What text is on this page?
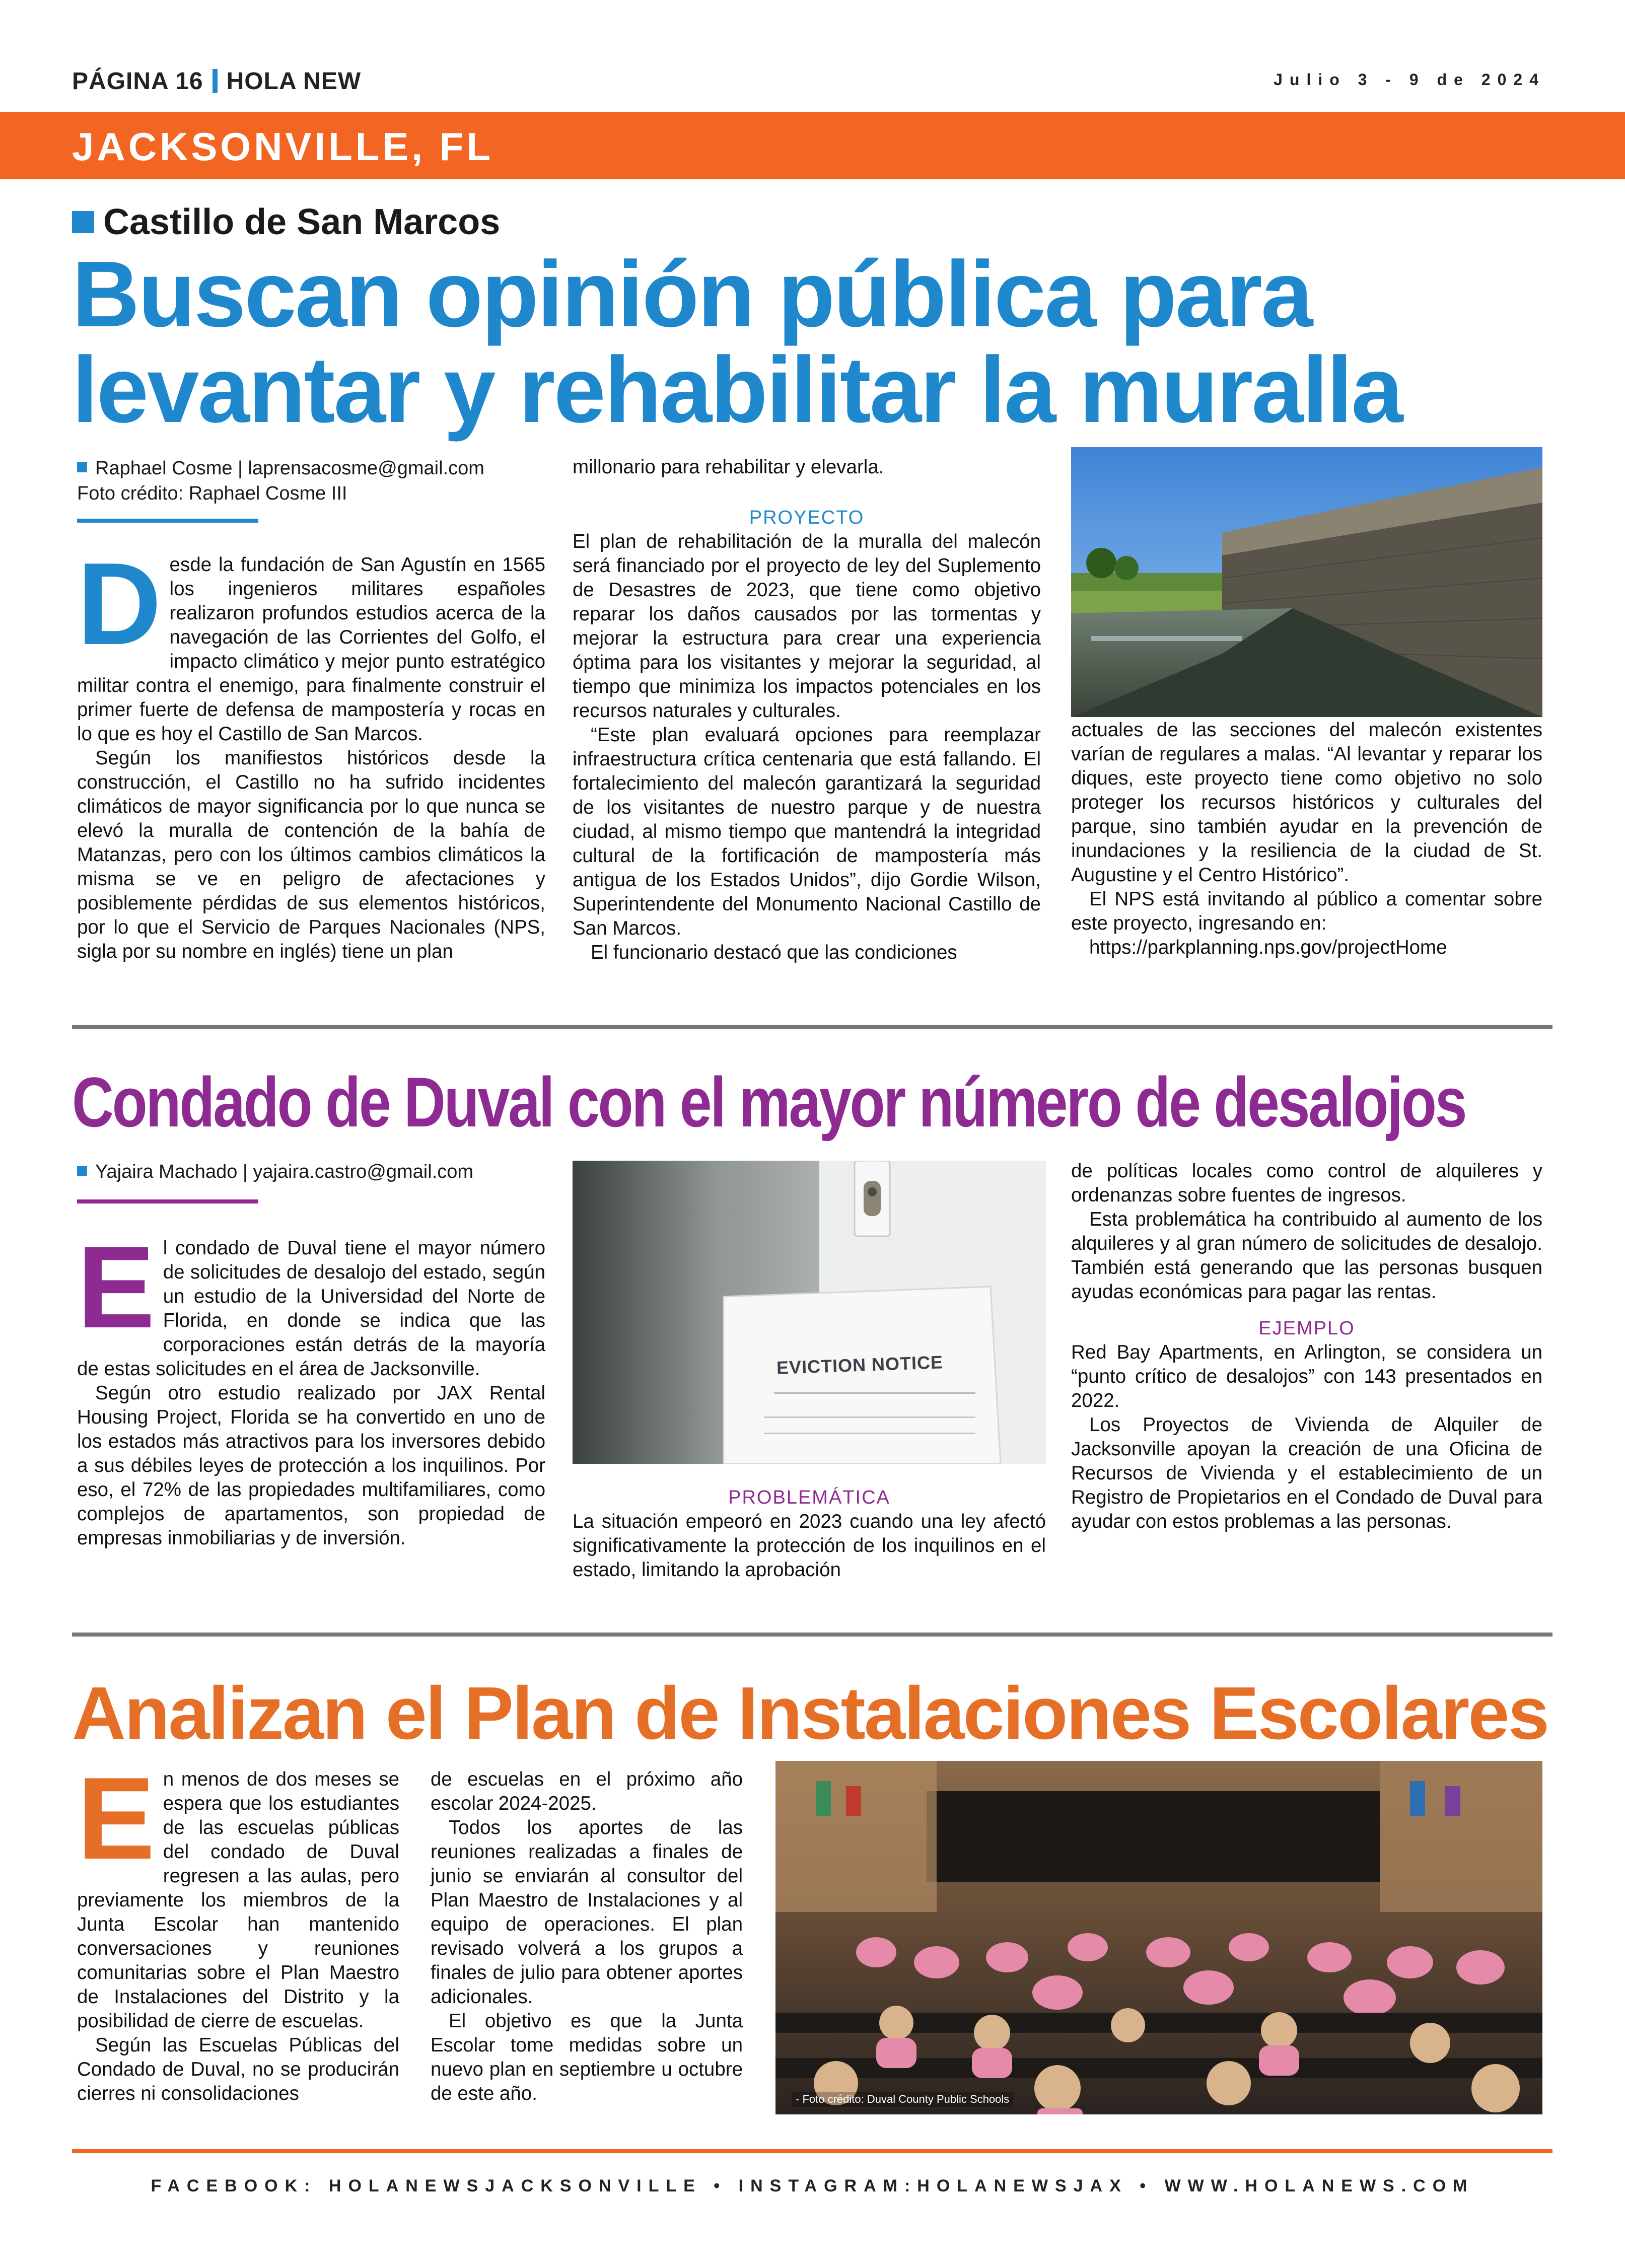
PÁGINA 16 HOLA NEW	Julio 3 - 9 de 2024
JACKSONVILLE, FL
Castillo de San Marcos
Buscan opinión pública para levantar y rehabilitar la muralla
Raphael Cosme | laprensacosme@gmail.com
Foto crédito: Raphael Cosme III

Desde la fundación de San Agustín en 1565 los ingenieros militares españoles realizaron profundos estudios acerca de la navegación de las Corrientes del Golfo, el impacto climático y mejor punto estratégico militar contra el enemigo, para finalmente construir el primer fuerte de defensa de mampostería y rocas en lo que es hoy el Castillo de San Marcos.

Según los manifiestos históricos desde la construcción, el Castillo no ha sufrido incidentes climáticos de mayor significancia por lo que nunca se elevó la muralla de contención de la bahía de Matanzas, pero con los últimos cambios climáticos la misma se ve en peligro de afectaciones y posiblemente pérdidas de sus elementos históricos, por lo que el Servicio de Parques Nacionales (NPS, sigla por su nombre en inglés) tiene un plan

millonario para rehabilitar y elevarla.

PROYECTO

El plan de rehabilitación de la muralla del malecón será financiado por el proyecto de ley del Suplemento de Desastres de 2023, que tiene como objetivo reparar los daños causados por las tormentas y mejorar la estructura para crear una experiencia óptima para los visitantes y mejorar la seguridad, al tiempo que minimiza los impactos potenciales en los recursos naturales y culturales.

“Este plan evaluará opciones para reemplazar infraestructura crítica centenaria que está fallando. El fortalecimiento del malecón garantizará la seguridad de los visitantes de nuestro parque y de nuestra ciudad, al mismo tiempo que mantendrá la integridad cultural de la fortificación de mampostería más antigua de los Estados Unidos”, dijo Gordie Wilson, Superintendente del Monumento Nacional Castillo de San Marcos.

El funcionario destacó que las condiciones

actuales de las secciones del malecón existentes varían de regulares a malas. “Al levantar y reparar los diques, este proyecto tiene como objetivo no solo proteger los recursos históricos y culturales del parque, sino también ayudar en la prevención de inundaciones y la resiliencia de la ciudad de St. Augustine y el Centro Histórico”.

El NPS está invitando al público a comentar sobre este proyecto, ingresando en:

https://parkplanning.nps.gov/projectHome

Condado de Duval con el mayor número de desalojos
Yajaira Machado | yajaira.castro@gmail.com

El condado de Duval tiene el mayor número de solicitudes de desalojo del estado, según un estudio de la Universidad del Norte de Florida, en donde se indica que las corporaciones están detrás de la mayoría de estas solicitudes en el área de Jacksonville.

Según otro estudio realizado por JAX Rental Housing Project, Florida se ha convertido en uno de los estados más atractivos para los inversores debido a sus débiles leyes de protección a los inquilinos. Por eso, el 72% de las propiedades multifamiliares, como complejos de apartamentos, son propiedad de empresas inmobiliarias y de inversión.

EVICTION NOTICE

PROBLEMÁTICA

La situación empeoró en 2023 cuando una ley afectó significativamente la protección de los inquilinos en el estado, limitando la aprobación

de políticas locales como control de alquileres y ordenanzas sobre fuentes de ingresos.

Esta problemática ha contribuido al aumento de los alquileres y al gran número de solicitudes de desalojo. También está generando que las personas busquen ayudas económicas para pagar las rentas.

EJEMPLO

Red Bay Apartments, en Arlington, se considera un “punto crítico de desalojos” con 143 presentados en 2022.

Los Proyectos de Vivienda de Alquiler de Jacksonville apoyan la creación de una Oficina de Recursos de Vivienda y el establecimiento de un Registro de Propietarios en el Condado de Duval para ayudar con estos problemas a las personas.

Analizan el Plan de Instalaciones Escolares

En menos de dos meses se espera que los estudiantes de las escuelas públicas del condado de Duval regresen a las aulas, pero previamente los miembros de la Junta Escolar han mantenido conversaciones y reuniones comunitarias sobre el Plan Maestro de Instalaciones del Distrito y la posibilidad de cierre de escuelas.

Según las Escuelas Públicas del Condado de Duval, no se producirán cierres ni consolidaciones

de escuelas en el próximo año escolar 2024-2025.

Todos los aportes de las reuniones realizadas a finales de junio se enviarán al consultor del Plan Maestro de Instalaciones y al equipo de operaciones. El plan revisado volverá a los grupos a finales de julio para obtener aportes adicionales.

El objetivo es que la Junta Escolar tome medidas sobre un nuevo plan en septiembre u octubre de este año.	- Foto crédito: Duval County Public Schools
FACEBOOK: HOLANEWSJACKSONVILLE • INSTAGRAM:HOLANEWSJAX • WWW.HOLANEWS.COM
